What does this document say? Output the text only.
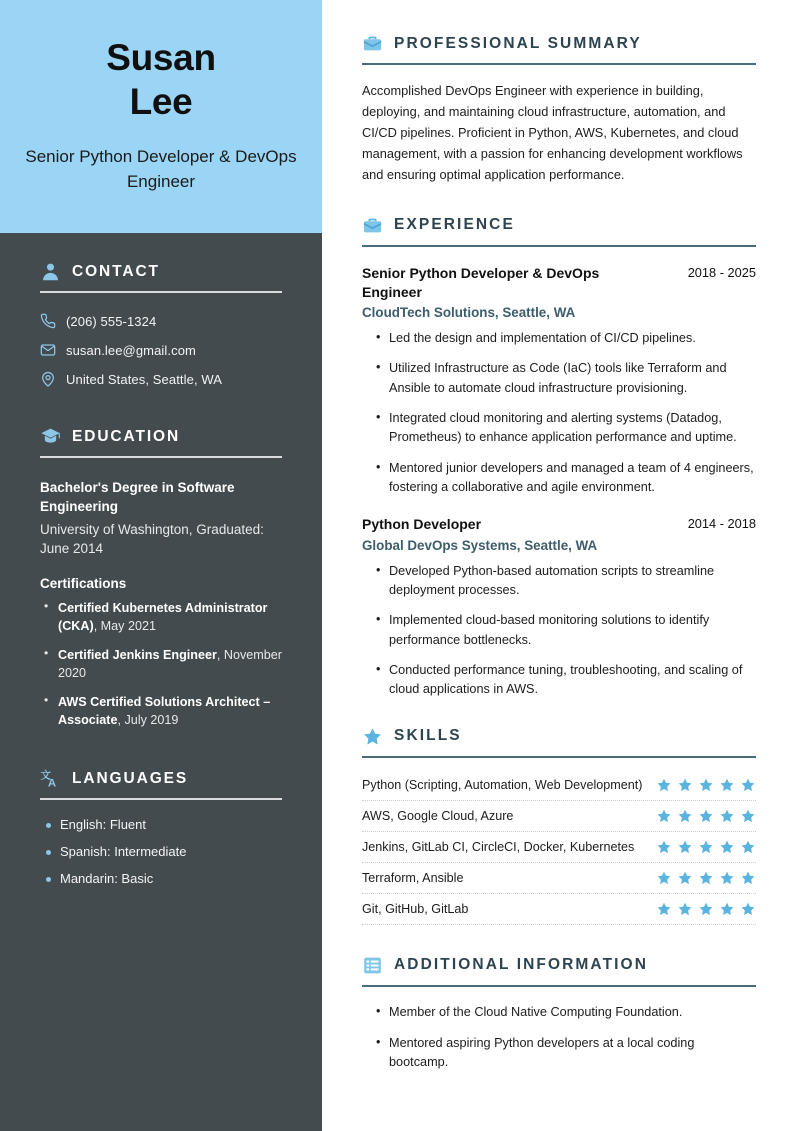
Susan
Lee
Senior Python Developer & DevOps Engineer
CONTACT
(206) 555-1324
susan.lee@gmail.com
United States, Seattle, WA
EDUCATION
Bachelor's Degree in Software Engineering
University of Washington, Graduated: June 2014
Certifications
• Certified Kubernetes Administrator (CKA), May 2021
• Certified Jenkins Engineer, November 2020
• AWS Certified Solutions Architect – Associate, July 2019
文
A LANGUAGES
English: Fluent
Spanish: Intermediate
Mandarin: Basic
PROFESSIONAL SUMMARY
Accomplished DevOps Engineer with experience in building, deploying, and maintaining cloud infrastructure, automation, and CI/CD pipelines. Proficient in Python, AWS, Kubernetes, and cloud management, with a passion for enhancing development workflows and ensuring optimal application performance.
EXPERIENCE
Senior Python Developer & DevOps Engineer
2018 - 2025
CloudTech Solutions, Seattle, WA
• Led the design and implementation of CI/CD pipelines.
• Utilized Infrastructure as Code (IaC) tools like Terraform and Ansible to automate cloud infrastructure provisioning.
• Integrated cloud monitoring and alerting systems (Datadog, Prometheus) to enhance application performance and uptime.
• Mentored junior developers and managed a team of 4 engineers, fostering a collaborative and agile environment.
Python Developer	2014 - 2018
Global DevOps Systems, Seattle, WA
• Developed Python-based automation scripts to streamline deployment processes.
• Implemented cloud-based monitoring solutions to identify performance bottlenecks.
• Conducted performance tuning, troubleshooting, and scaling of cloud applications in AWS.
SKILLS
Python (Scripting, Automation, Web Development)
AWS, Google Cloud, Azure
Jenkins, GitLab CI, CircleCI, Docker, Kubernetes
Terraform, Ansible
Git, GitHub, GitLab
ADDITIONAL INFORMATION
• Member of the Cloud Native Computing Foundation.
• Mentored aspiring Python developers at a local coding bootcamp.
